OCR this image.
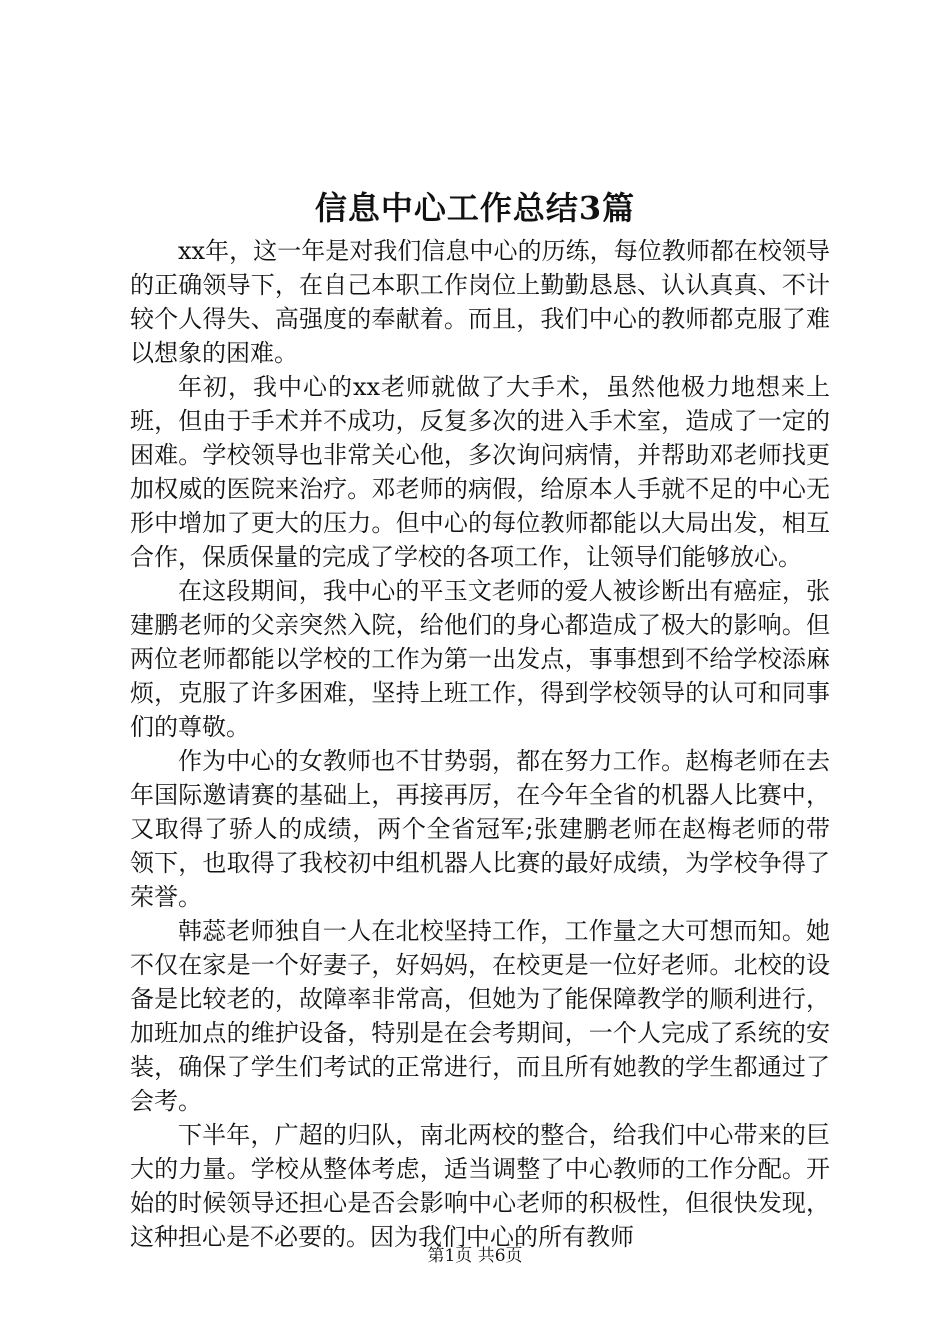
信息中心工作总结3篇

xx年，这一年是对我们信息中心的历练，每位教师都在校领导的正确领导下，在自己本职工作岗位上勤勤恳恳、认认真真、不计较个人得失、高强度的奉献着。而且，我们中心的教师都克服了难以想象的困难。

年初，我中心的xx老师就做了大手术，虽然他极力地想来上班，但由于手术并不成功，反复多次的进入手术室，造成了一定的困难。学校领导也非常关心他，多次询问病情，并帮助邓老师找更加权威的医院来治疗。邓老师的病假，给原本人手就不足的中心无形中增加了更大的压力。但中心的每位教师都能以大局出发，相互合作，保质保量的完成了学校的各项工作，让领导们能够放心。

在这段期间，我中心的平玉文老师的爱人被诊断出有癌症，张建鹏老师的父亲突然入院，给他们的身心都造成了极大的影响。但两位老师都能以学校的工作为第一出发点，事事想到不给学校添麻烦，克服了许多困难，坚持上班工作，得到学校领导的认可和同事们的尊敬。

作为中心的女教师也不甘势弱，都在努力工作。赵梅老师在去年国际邀请赛的基础上，再接再厉，在今年全省的机器人比赛中，又取得了骄人的成绩，两个全省冠军;张建鹏老师在赵梅老师的带领下，也取得了我校初中组机器人比赛的最好成绩，为学校争得了荣誉。

韩蕊老师独自一人在北校坚持工作，工作量之大可想而知。她不仅在家是一个好妻子，好妈妈，在校更是一位好老师。北校的设备是比较老的，故障率非常高，但她为了能保障教学的顺利进行，加班加点的维护设备，特别是在会考期间，一个人完成了系统的安装，确保了学生们考试的正常进行，而且所有她教的学生都通过了会考。

下半年，广超的归队，南北两校的整合，给我们中心带来的巨大的力量。学校从整体考虑，适当调整了中心教师的工作分配。开始的时候领导还担心是否会影响中心老师的积极性，但很快发现，这种担心是不必要的。因为我们中心的所有教师

第1页 共6页
